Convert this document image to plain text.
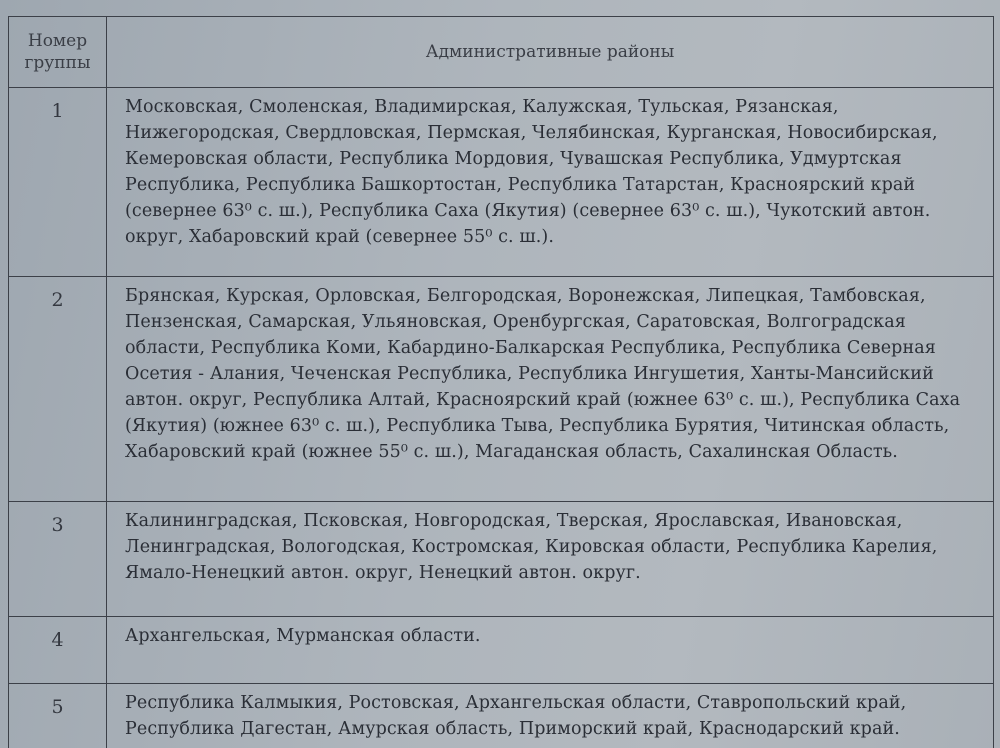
Номер группы	Административные районы
1	Московская, Смоленская, Владимирская, Калужская, Тульская, Рязанская, Нижегородская, Свердловская, Пермская, Челябинская, Курганская, Новосибирская, Кемеровская области, Республика Мордовия, Чувашская Республика, Удмуртская Республика, Республика Башкортостан, Республика Татарстан, Красноярский край (севернее 63⁰ с. ш.), Республика Саха (Якутия) (севернее 63⁰ с. ш.), Чукотский автон. округ, Хабаровский край (севернее 55⁰ с. ш.).
2	Брянская, Курская, Орловская, Белгородская, Воронежская, Липецкая, Тамбовская, Пензенская, Самарская, Ульяновская, Оренбургская, Саратовская, Волгоградская области, Республика Коми, Кабардино-Балкарская Республика, Республика Северная Осетия - Алания, Чеченская Республика, Республика Ингушетия, Ханты-Мансийский автон. округ, Республика Алтай, Красноярский край (южнее 63⁰ с. ш.), Республика Саха (Якутия) (южнее 63⁰ с. ш.), Республика Тыва, Республика Бурятия, Читинская область, Хабаровский край (южнее 55⁰ с. ш.), Магаданская область, Сахалинская Область.
3	Калининградская, Псковская, Новгородская, Тверская, Ярославская, Ивановская, Ленинградская, Вологодская, Костромская, Кировская области, Республика Карелия, Ямало-Ненецкий автон. округ, Ненецкий автон. округ.
4	Архангельская, Мурманская области.
5	Республика Калмыкия, Ростовская, Архангельская области, Ставропольский край, Республика Дагестан, Амурская область, Приморский край, Краснодарский край.
